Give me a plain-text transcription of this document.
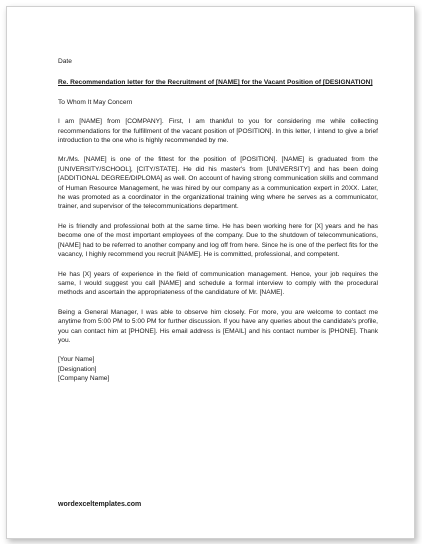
Date

Re. Recommendation letter for the Recruitment of [NAME] for the Vacant Position of [DESIGNATION]

To Whom It May Concern

I am [NAME] from [COMPANY]. First, I am thankful to you for considering me while collecting recommendations for the fulfillment of the vacant position of [POSITION]. In this letter, I intend to give a brief introduction to the one who is highly recommended by me.

Mr./Ms. [NAME] is one of the fittest for the position of [POSITION]. [NAME] is graduated from the [UNIVERSITY/SCHOOL], [CITY/STATE]. He did his master's from [UNIVERSITY] and has been doing [ADDITIONAL DEGREE/DIPLOMA] as well. On account of having strong communication skills and command of Human Resource Management, he was hired by our company as a communication expert in 20XX. Later, he was promoted as a coordinator in the organizational training wing where he serves as a communicator, trainer, and supervisor of the telecommunications department.

He is friendly and professional both at the same time. He has been working here for [X] years and he has become one of the most important employees of the company. Due to the shutdown of telecommunications, [NAME] had to be referred to another company and log off from here. Since he is one of the perfect fits for the vacancy, I highly recommend you recruit [NAME]. He is committed, professional, and competent.

He has [X] years of experience in the field of communication management. Hence, your job requires the same, I would suggest you call [NAME] and schedule a formal interview to comply with the procedural methods and ascertain the appropriateness of the candidature of Mr. [NAME].

Being a General Manager, I was able to observe him closely. For more, you are welcome to contact me anytime from 5:00 PM to 5:00 PM for further discussion. If you have any queries about the candidate's profile, you can contact him at [PHONE]. His email address is [EMAIL] and his contact number is [PHONE]. Thank you.

[Your Name]
[Designation]
[Company Name]
wordexceltemplates.com
